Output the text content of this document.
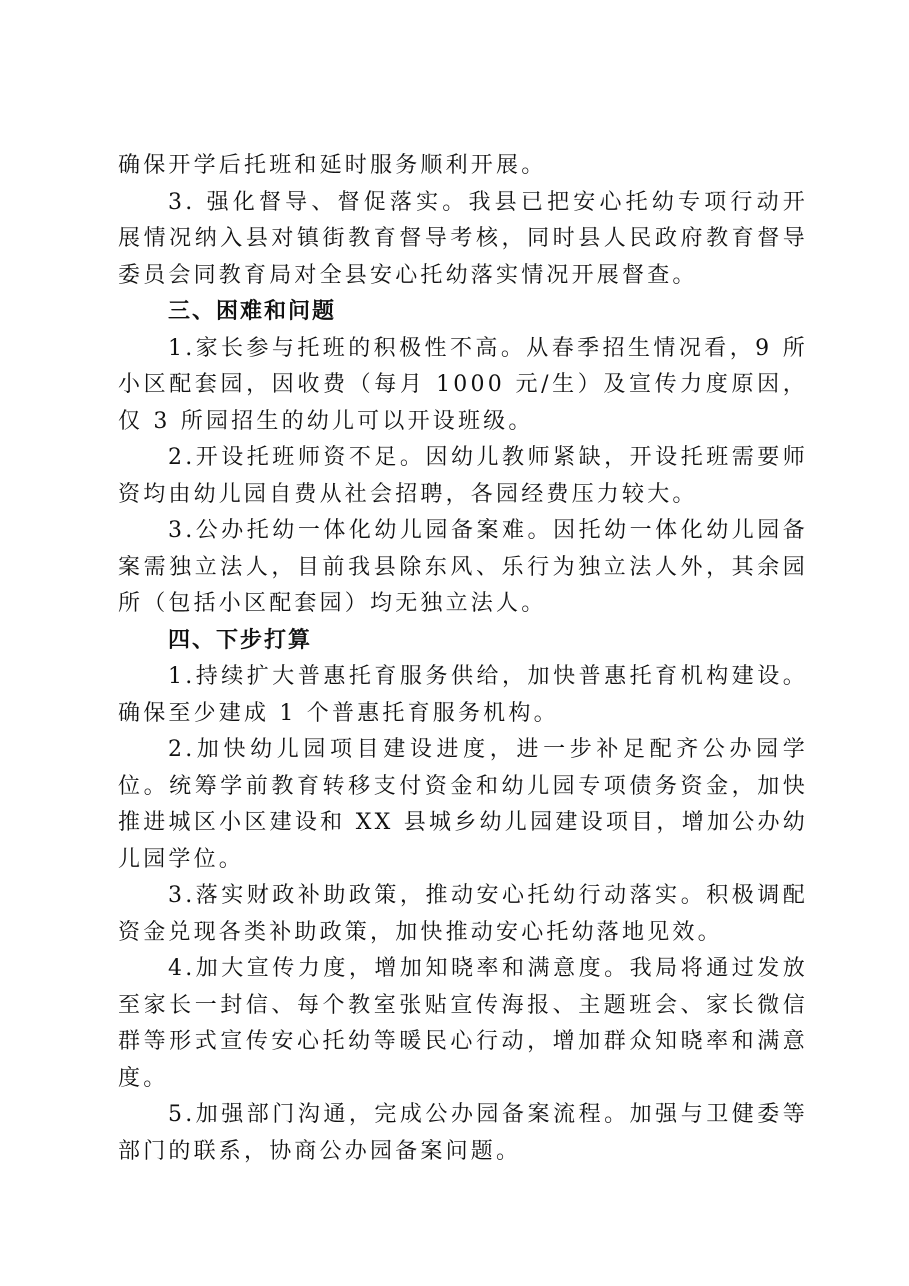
确保开学后托班和延时服务顺利开展。

3. 强化督导、督促落实。我县已把安心托幼专项行动开展情况纳入县对镇街教育督导考核，同时县人民政府教育督导委员会同教育局对全县安心托幼落实情况开展督查。

三、困难和问题

1.家长参与托班的积极性不高。从春季招生情况看，9 所小区配套园，因收费（每月 1000 元/生）及宣传力度原因，仅 3 所园招生的幼儿可以开设班级。

2.开设托班师资不足。因幼儿教师紧缺，开设托班需要师资均由幼儿园自费从社会招聘，各园经费压力较大。

3.公办托幼一体化幼儿园备案难。因托幼一体化幼儿园备案需独立法人，目前我县除东风、乐行为独立法人外，其余园所（包括小区配套园）均无独立法人。

四、下步打算

1.持续扩大普惠托育服务供给，加快普惠托育机构建设。确保至少建成 1 个普惠托育服务机构。

2.加快幼儿园项目建设进度，进一步补足配齐公办园学位。统筹学前教育转移支付资金和幼儿园专项债务资金，加快推进城区小区建设和 XX 县城乡幼儿园建设项目，增加公办幼儿园学位。

3.落实财政补助政策，推动安心托幼行动落实。积极调配资金兑现各类补助政策，加快推动安心托幼落地见效。

4.加大宣传力度，增加知晓率和满意度。我局将通过发放至家长一封信、每个教室张贴宣传海报、主题班会、家长微信群等形式宣传安心托幼等暖民心行动，增加群众知晓率和满意度。

5.加强部门沟通，完成公办园备案流程。加强与卫健委等部门的联系，协商公办园备案问题。
